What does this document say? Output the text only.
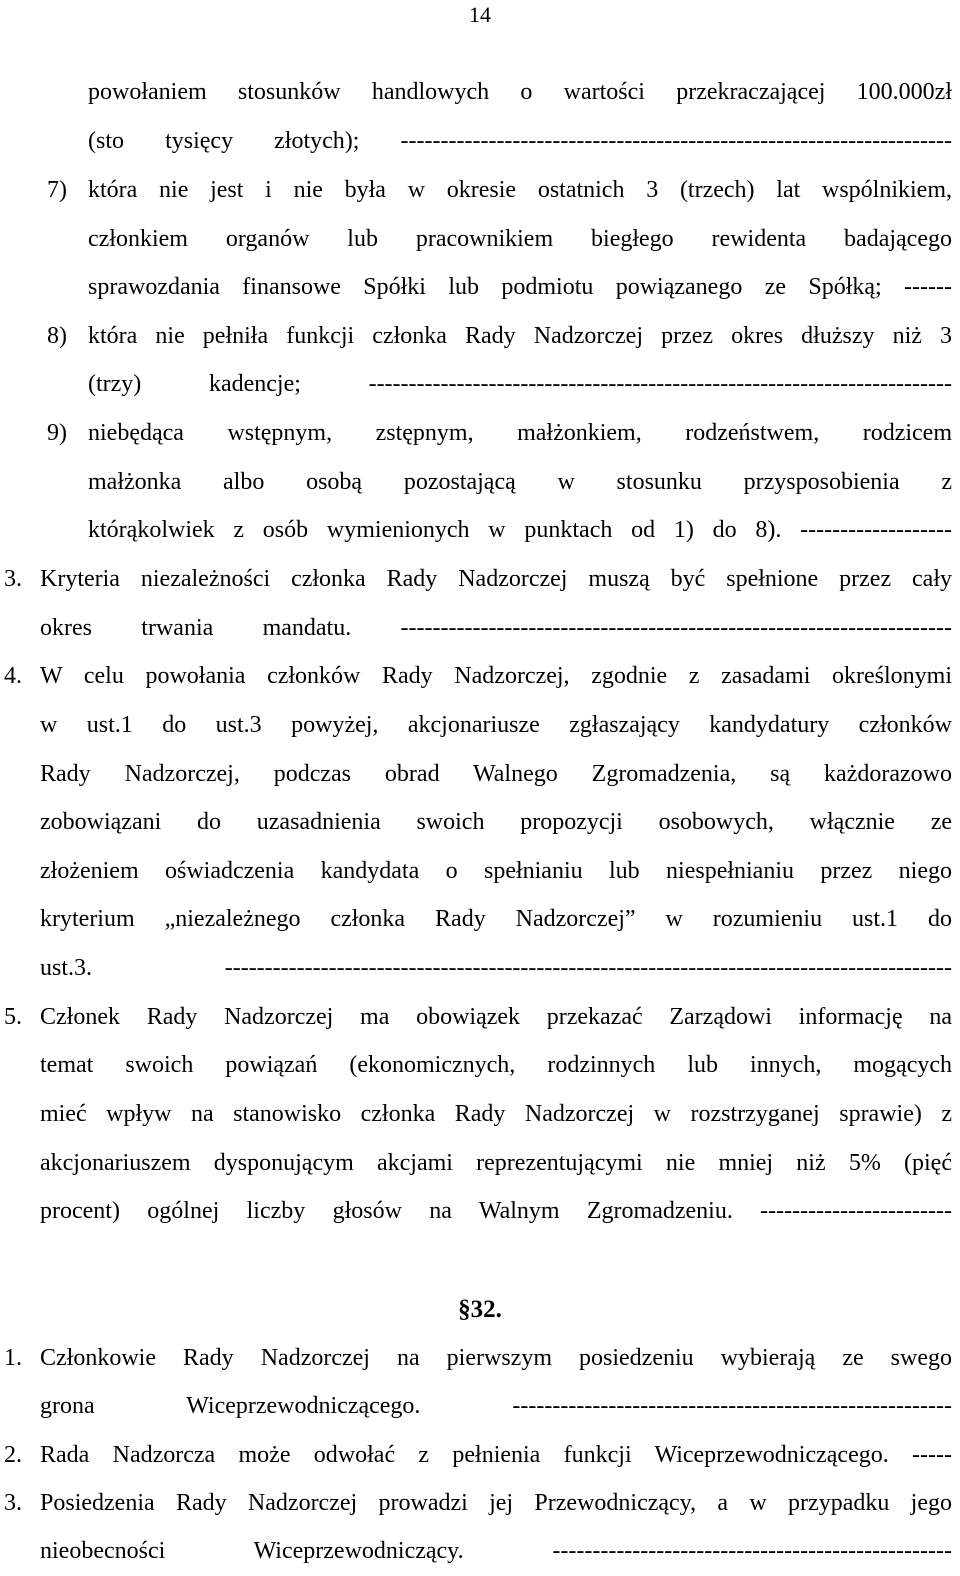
14
powołaniem stosunków handlowych o wartości przekraczającej 100.000zł
(sto tysięcy złotych); ---------------------------------------------------------------------
7) która nie jest i nie była w okresie ostatnich 3 (trzech) lat wspólnikiem,
członkiem organów lub pracownikiem biegłego rewidenta badającego
sprawozdania finansowe Spółki lub podmiotu powiązanego ze Spółką; ------
8) która nie pełniła funkcji członka Rady Nadzorczej przez okres dłuższy niż 3
(trzy) kadencje; -------------------------------------------------------------------------
9) niebędąca wstępnym, zstępnym, małżonkiem, rodzeństwem, rodzicem
małżonka albo osobą pozostającą w stosunku przysposobienia z
którąkolwiek z osób wymienionych w punktach od 1) do 8). -------------------
3. Kryteria niezależności członka Rady Nadzorczej muszą być spełnione przez cały
okres trwania mandatu. ---------------------------------------------------------------------
4. W celu powołania członków Rady Nadzorczej, zgodnie z zasadami określonymi
w ust.1 do ust.3 powyżej, akcjonariusze zgłaszający kandydatury członków
Rady Nadzorczej, podczas obrad Walnego Zgromadzenia, są każdorazowo
zobowiązani do uzasadnienia swoich propozycji osobowych, włącznie ze
złożeniem oświadczenia kandydata o spełnianiu lub niespełnianiu przez niego
kryterium „niezależnego członka Rady Nadzorczej” w rozumieniu ust.1 do
ust.3. -------------------------------------------------------------------------------------------
5. Członek Rady Nadzorczej ma obowiązek przekazać Zarządowi informację na
temat swoich powiązań (ekonomicznych, rodzinnych lub innych, mogących
mieć wpływ na stanowisko członka Rady Nadzorczej w rozstrzyganej sprawie) z
akcjonariuszem dysponującym akcjami reprezentującymi nie mniej niż 5% (pięć
procent) ogólnej liczby głosów na Walnym Zgromadzeniu. ------------------------
§32.
1. Członkowie Rady Nadzorczej na pierwszym posiedzeniu wybierają ze swego
grona Wiceprzewodniczącego. -------------------------------------------------------
2. Rada Nadzorcza może odwołać z pełnienia funkcji Wiceprzewodniczącego. -----
3. Posiedzenia Rady Nadzorczej prowadzi jej Przewodniczący, a w przypadku jego
nieobecności Wiceprzewodniczący. --------------------------------------------------
